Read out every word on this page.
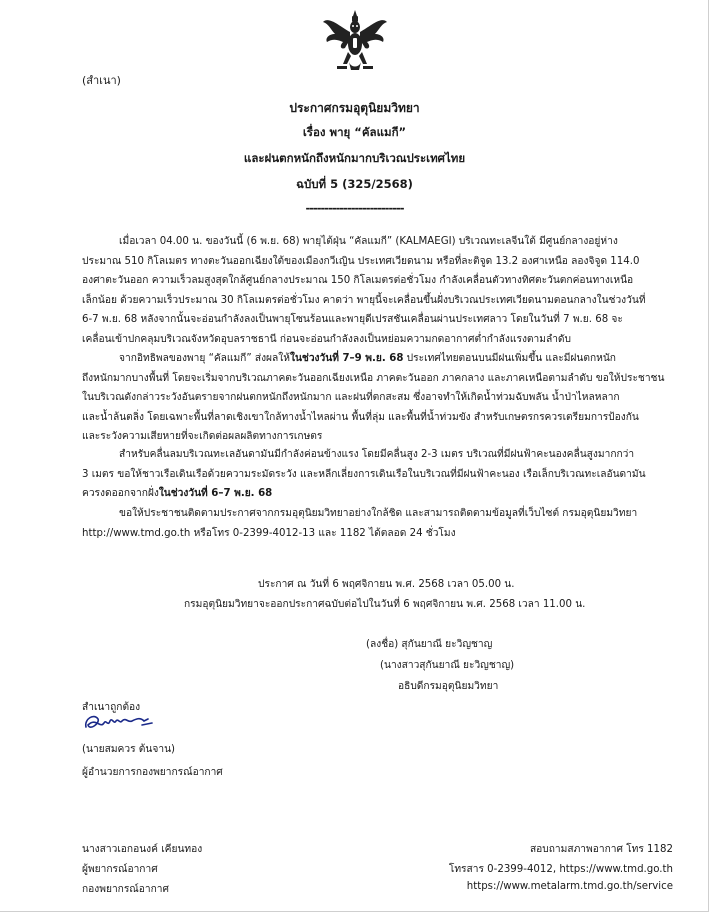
(สำเนา)
ประกาศกรมอุตุนิยมวิทยา
เรื่อง พายุ “คัลแมกี”
และฝนตกหนักถึงหนักมากบริเวณประเทศไทย
ฉบับที่ 5 (325/2568)
--------------------------
เมื่อเวลา 04.00 น. ของวันนี้ (6 พ.ย. 68) พายุไต้ฝุ่น “คัลแมกี” (KALMAEGI) บริเวณทะเลจีนใต้ มีศูนย์กลางอยู่ห่าง
ประมาณ 510 กิโลเมตร ทางตะวันออกเฉียงใต้ของเมืองกวีเญิน ประเทศเวียดนาม หรือที่ละติจูด 13.2 องศาเหนือ ลองจิจูด 114.0
องศาตะวันออก ความเร็วลมสูงสุดใกล้ศูนย์กลางประมาณ 150 กิโลเมตรต่อชั่วโมง กำลังเคลื่อนตัวทางทิศตะวันตกค่อนทางเหนือ
เล็กน้อย ด้วยความเร็วประมาณ 30 กิโลเมตรต่อชั่วโมง คาดว่า พายุนี้จะเคลื่อนขึ้นฝั่งบริเวณประเทศเวียดนามตอนกลางในช่วงวันที่
6-7 พ.ย. 68 หลังจากนั้นจะอ่อนกำลังลงเป็นพายุโซนร้อนและพายุดีเปรสชันเคลื่อนผ่านประเทศลาว โดยในวันที่ 7 พ.ย. 68 จะ
เคลื่อนเข้าปกคลุมบริเวณจังหวัดอุบลราชธานี ก่อนจะอ่อนกำลังลงเป็นหย่อมความกดอากาศต่ำกำลังแรงตามลำดับ
จากอิทธิพลของพายุ “คัลแมกี” ส่งผลให้ในช่วงวันที่ 7–9 พ.ย. 68 ประเทศไทยตอนบนมีฝนเพิ่มขึ้น และมีฝนตกหนัก
ถึงหนักมากบางพื้นที่ โดยจะเริ่มจากบริเวณภาคตะวันออกเฉียงเหนือ ภาคตะวันออก ภาคกลาง และภาคเหนือตามลำดับ ขอให้ประชาชน
ในบริเวณดังกล่าวระวังอันตรายจากฝนตกหนักถึงหนักมาก และฝนที่ตกสะสม ซึ่งอาจทำให้เกิดน้ำท่วมฉับพลัน น้ำป่าไหลหลาก
และน้ำล้นตลิ่ง โดยเฉพาะพื้นที่ลาดเชิงเขาใกล้ทางน้ำไหลผ่าน พื้นที่ลุ่ม และพื้นที่น้ำท่วมขัง สำหรับเกษตรกรควรเตรียมการป้องกัน
และระวังความเสียหายที่จะเกิดต่อผลผลิตทางการเกษตร
สำหรับคลื่นลมบริเวณทะเลอันดามันมีกำลังค่อนข้างแรง โดยมีคลื่นสูง 2-3 เมตร บริเวณที่มีฝนฟ้าคะนองคลื่นสูงมากกว่า
3 เมตร ขอให้ชาวเรือเดินเรือด้วยความระมัดระวัง และหลีกเลี่ยงการเดินเรือในบริเวณที่มีฝนฟ้าคะนอง เรือเล็กบริเวณทะเลอันดามัน
ควรงดออกจากฝั่งในช่วงวันที่ 6–7 พ.ย. 68
ขอให้ประชาชนติดตามประกาศจากกรมอุตุนิยมวิทยาอย่างใกล้ชิด และสามารถติดตามข้อมูลที่เว็บไซต์ กรมอุตุนิยมวิทยา
http://www.tmd.go.th หรือโทร 0-2399-4012-13 และ 1182 ได้ตลอด 24 ชั่วโมง
ประกาศ ณ วันที่ 6 พฤศจิกายน พ.ศ. 2568 เวลา 05.00 น.
กรมอุตุนิยมวิทยาจะออกประกาศฉบับต่อไปในวันที่ 6 พฤศจิกายน พ.ศ. 2568 เวลา 11.00 น.
(ลงชื่อ) สุกันยาณี ยะวิญชาญ
(นางสาวสุกันยาณี ยะวิญชาญ)
อธิบดีกรมอุตุนิยมวิทยา
สำเนาถูกต้อง
(นายสมควร ต้นจาน)
ผู้อำนวยการกองพยากรณ์อากาศ
นางสาวเอกอนงค์ เคียนทอง
ผู้พยากรณ์อากาศ
กองพยากรณ์อากาศ
สอบถามสภาพอากาศ โทร 1182
โทรสาร 0-2399-4012, https://www.tmd.go.th
https://www.metalarm.tmd.go.th/service
